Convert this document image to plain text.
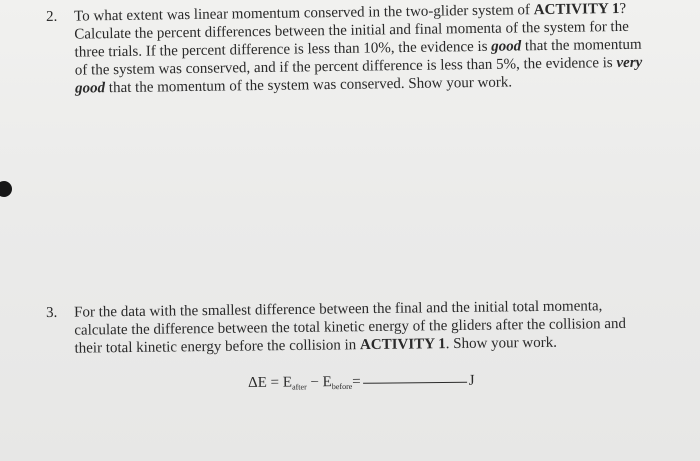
2.	To what extent was linear momentum conserved in the two-glider system of ACTIVITY 1?
Calculate the percent differences between the initial and final momenta of the system for the
three trials. If the percent difference is less than 10%, the evidence is good that the momentum
of the system was conserved, and if the percent difference is less than 5%, the evidence is very
good that the momentum of the system was conserved. Show your work.
3.	For the data with the smallest difference between the final and the initial total momenta,
calculate the difference between the total kinetic energy of the gliders after the collision and
their total kinetic energy before the collision in ACTIVITY 1. Show your work.
$\Delta E = E_{after} - E_{before}=$	J
